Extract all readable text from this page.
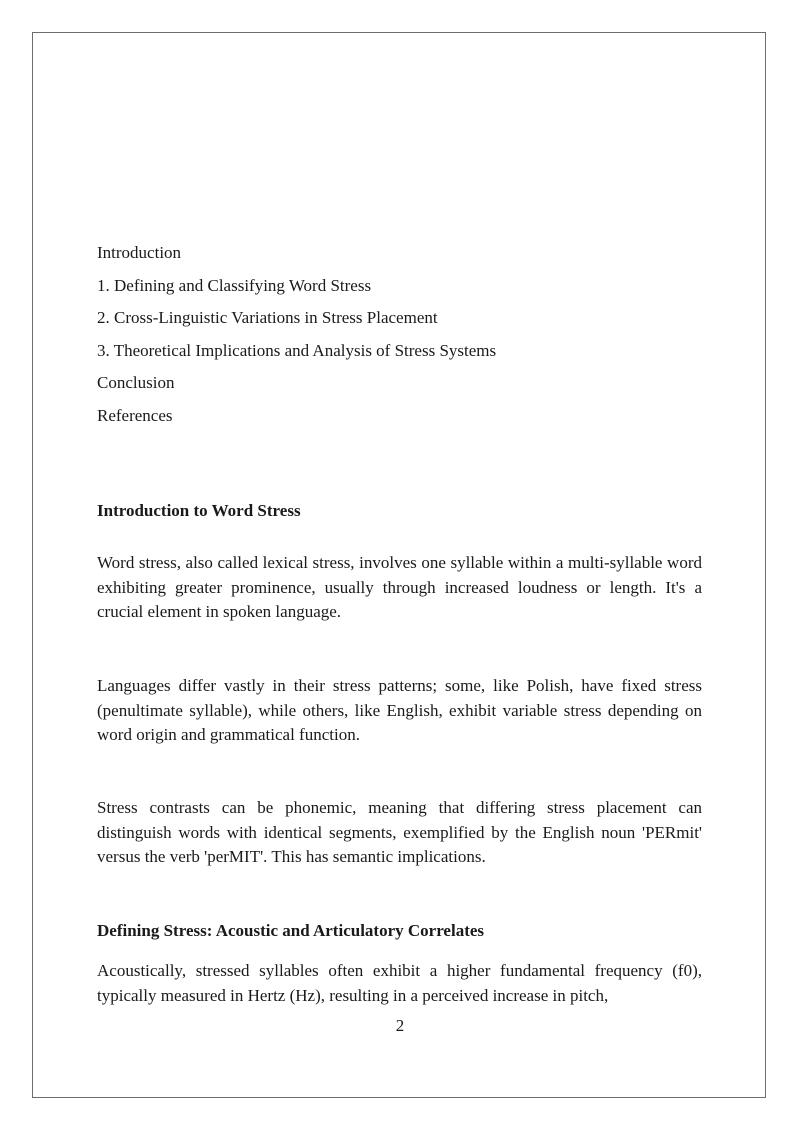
Introduction
1. Defining and Classifying Word Stress
2. Cross-Linguistic Variations in Stress Placement
3. Theoretical Implications and Analysis of Stress Systems
Conclusion
References
Introduction to Word Stress
Word stress, also called lexical stress, involves one syllable within a multi-syllable word exhibiting greater prominence, usually through increased loudness or length. It's a crucial element in spoken language.
Languages differ vastly in their stress patterns; some, like Polish, have fixed stress (penultimate syllable), while others, like English, exhibit variable stress depending on word origin and grammatical function.
Stress contrasts can be phonemic, meaning that differing stress placement can distinguish words with identical segments, exemplified by the English noun 'PERmit' versus the verb 'perMIT'. This has semantic implications.
Defining Stress: Acoustic and Articulatory Correlates
Acoustically, stressed syllables often exhibit a higher fundamental frequency (f0), typically measured in Hertz (Hz), resulting in a perceived increase in pitch,
2
